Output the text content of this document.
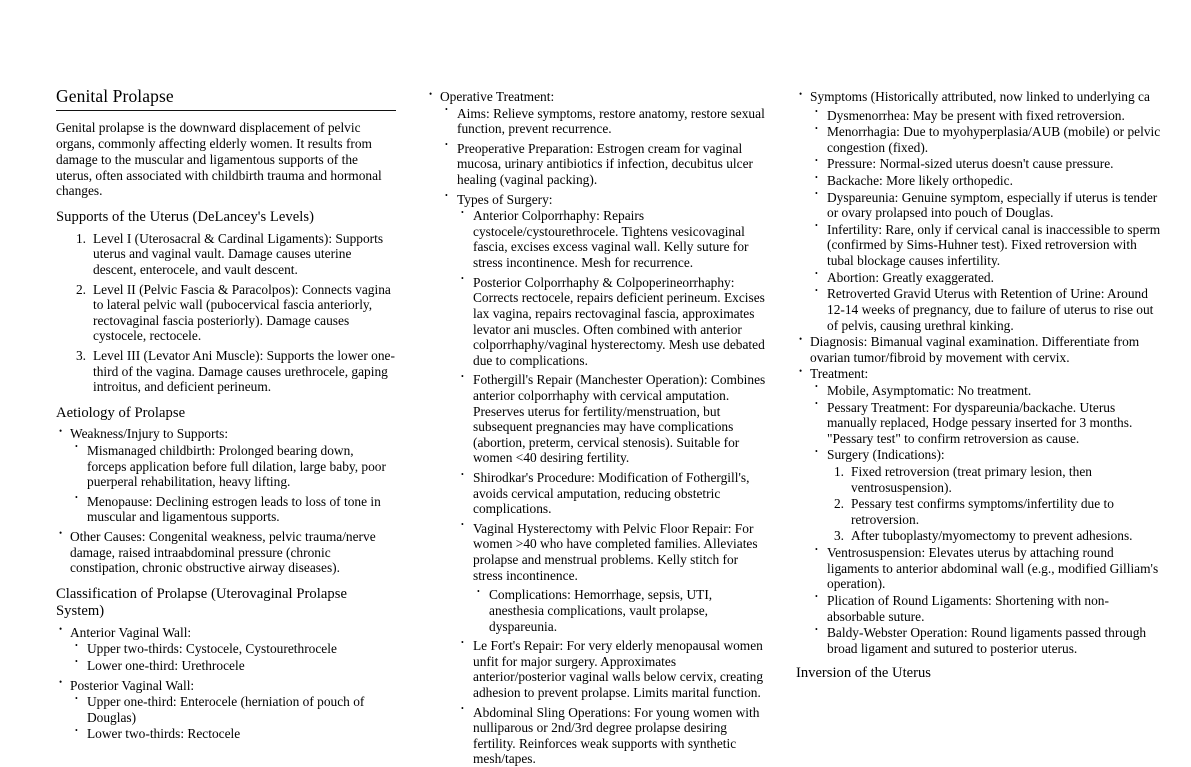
Genital Prolapse

Genital prolapse is the downward displacement of pelvic organs, commonly affecting elderly women. It results from damage to the muscular and ligamentous supports of the uterus, often associated with childbirth trauma and hormonal changes.

Supports of the Uterus (DeLancey's Levels)
1. Level I (Uterosacral & Cardinal Ligaments): Supports uterus and vaginal vault. Damage causes uterine descent, enterocele, and vault descent.
2. Level II (Pelvic Fascia & Paracolpos): Connects vagina to lateral pelvic wall (pubocervical fascia anteriorly, rectovaginal fascia posteriorly). Damage causes cystocele, rectocele.
3. Level III (Levator Ani Muscle): Supports the lower one-third of the vagina. Damage causes urethrocele, gaping introitus, and deficient perineum.
Aetiology of Prolapse
• Weakness/Injury to Supports:
• Mismanaged childbirth: Prolonged bearing down, forceps application before full dilation, large baby, poor puerperal rehabilitation, heavy lifting.
• Menopause: Declining estrogen leads to loss of tone in muscular and ligamentous supports.
• Other Causes: Congenital weakness, pelvic trauma/nerve damage, raised intraabdominal pressure (chronic constipation, chronic obstructive airway diseases).
Classification of Prolapse (Uterovaginal Prolapse System)
• Anterior Vaginal Wall:
• Upper two-thirds: Cystocele, Cystourethrocele
• Lower one-third: Urethrocele
• Posterior Vaginal Wall:
• Upper one-third: Enterocele (herniation of pouch of Douglas)
• Lower two-thirds: Rectocele
• Operative Treatment:
• Aims: Relieve symptoms, restore anatomy, restore sexual function, prevent recurrence.
• Preoperative Preparation: Estrogen cream for vaginal mucosa, urinary antibiotics if infection, decubitus ulcer healing (vaginal packing).
• Types of Surgery:
• Anterior Colporrhaphy: Repairs cystocele/cystourethrocele. Tightens vesicovaginal fascia, excises excess vaginal wall. Kelly suture for stress incontinence. Mesh for recurrence.
• Posterior Colporrhaphy & Colpoperineorrhaphy: Corrects rectocele, repairs deficient perineum. Excises lax vagina, repairs rectovaginal fascia, approximates levator ani muscles. Often combined with anterior colporrhaphy/vaginal hysterectomy. Mesh use debated due to complications.
• Fothergill's Repair (Manchester Operation): Combines anterior colporrhaphy with cervical amputation. Preserves uterus for fertility/menstruation, but subsequent pregnancies may have complications (abortion, preterm, cervical stenosis). Suitable for women <40 desiring fertility.
• Shirodkar's Procedure: Modification of Fothergill's, avoids cervical amputation, reducing obstetric complications.
• Vaginal Hysterectomy with Pelvic Floor Repair: For women >40 who have completed families. Alleviates prolapse and menstrual problems. Kelly stitch for stress incontinence.
• Complications: Hemorrhage, sepsis, UTI, anesthesia complications, vault prolapse, dyspareunia.
• Le Fort's Repair: For very elderly menopausal women unfit for major surgery. Approximates anterior/posterior vaginal walls below cervix, creating adhesion to prevent prolapse. Limits marital function.
• Abdominal Sling Operations: For young women with nulliparous or 2nd/3rd degree prolapse desiring fertility. Reinforces weak supports with synthetic mesh/tapes.
• Symptoms (Historically attributed, now linked to underlying ca
• Dysmenorrhea: May be present with fixed retroversion.
• Menorrhagia: Due to myohyperplasia/AUB (mobile) or pelvic congestion (fixed).
• Pressure: Normal-sized uterus doesn't cause pressure.
• Backache: More likely orthopedic.
• Dyspareunia: Genuine symptom, especially if uterus is tender or ovary prolapsed into pouch of Douglas.
• Infertility: Rare, only if cervical canal is inaccessible to sperm (confirmed by Sims-Huhner test). Fixed retroversion with tubal blockage causes infertility.
• Abortion: Greatly exaggerated.
• Retroverted Gravid Uterus with Retention of Urine: Around 12-14 weeks of pregnancy, due to failure of uterus to rise out of pelvis, causing urethral kinking.
• Diagnosis: Bimanual vaginal examination. Differentiate from ovarian tumor/fibroid by movement with cervix.
• Treatment:
• Mobile, Asymptomatic: No treatment.
• Pessary Treatment: For dyspareunia/backache. Uterus manually replaced, Hodge pessary inserted for 3 months. "Pessary test" to confirm retroversion as cause.
• Surgery (Indications):
1. Fixed retroversion (treat primary lesion, then ventrosuspension).
2. Pessary test confirms symptoms/infertility due to retroversion.
3. After tuboplasty/myomectomy to prevent adhesions.
• Ventrosuspension: Elevates uterus by attaching round ligaments to anterior abdominal wall (e.g., modified Gilliam's operation).
• Plication of Round Ligaments: Shortening with non-absorbable suture.
• Baldy-Webster Operation: Round ligaments passed through broad ligament and sutured to posterior uterus.
Inversion of the Uterus
